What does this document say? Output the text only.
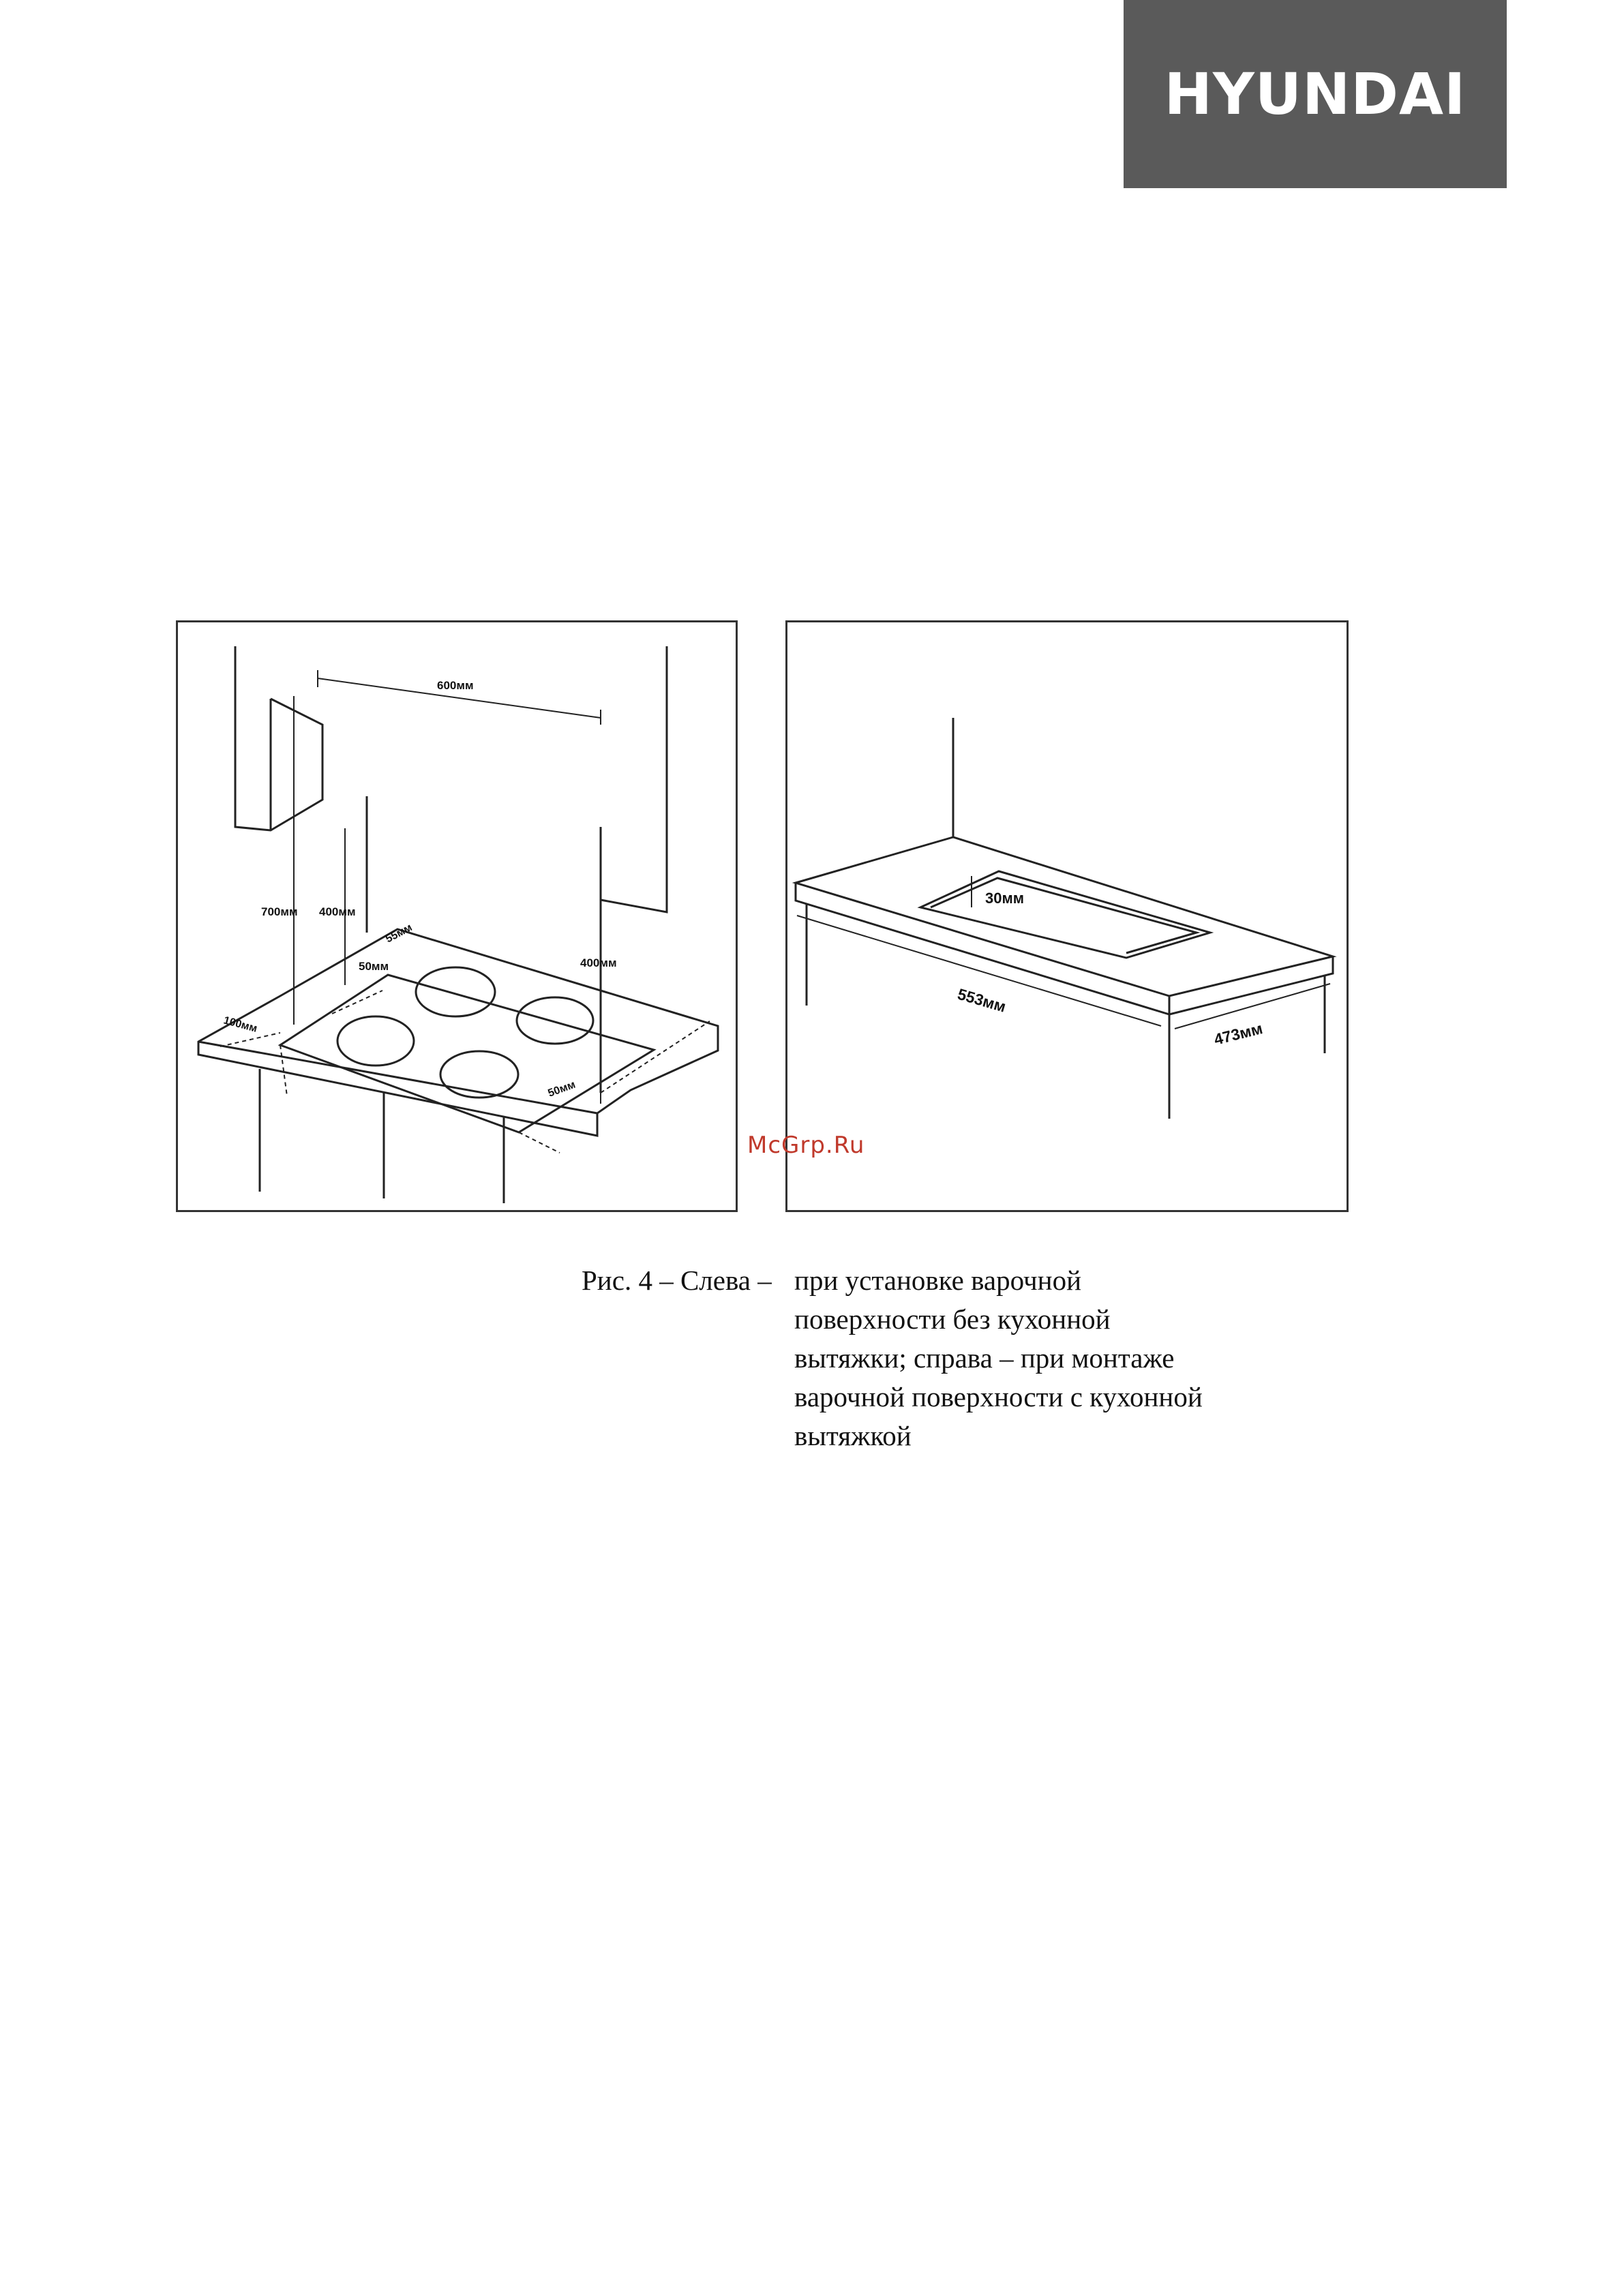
HYUNDAI
600мм
700мм 400мм
400мм
55мм
50мм
100мм
50мм
30мм
553мм
473мм
McGrp.Ru
Рис. 4 – Слева – при установке варочной
поверхности без кухонной
вытяжки; справа – при монтаже
варочной поверхности с кухонной
вытяжкой
